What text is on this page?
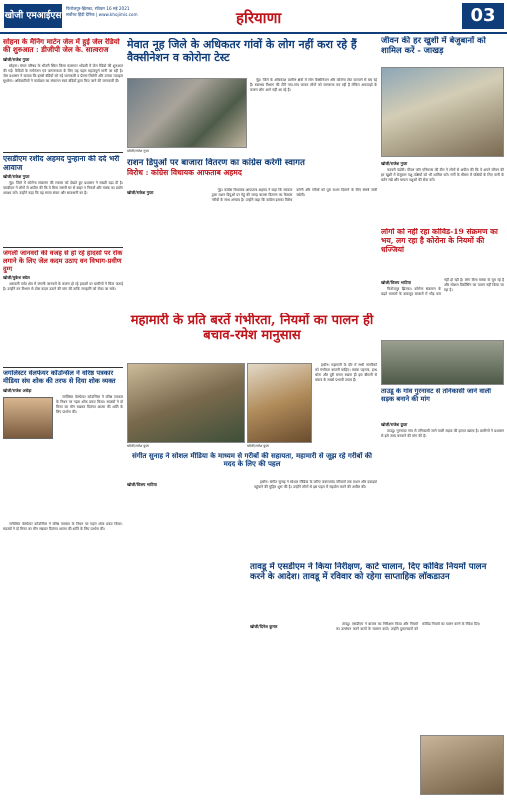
खोजी एमआईएस
फिरोजपुर-झिरका, रविवार 16 मई 2021
सर्वोच्च हिंदी दैनिक | www.khojimis.com	हरियाणा	03
सोहना के मैनिंग मार्टन जेल में हुई जेल रेडियो की शुरुआत : डीजीपी जेल के. सात्वराज
खोजी/राजेश गुप्ता

सोहना। मंगल परिषद के भीतरी स्थित जिला कारागार भोंडसी में जेल रेडियो की शुरुआत की गई। कैदियों के मनोरंजन एवं जागरूकता के लिए यह पहल महत्वपूर्ण मानी जा रही है। जेल प्रशासन ने बताया कि इससे बंदियों को नई जानकारी व प्रेरणा मिलेगी और उनका व्यवहार सुधरेगा। अधिकारियों ने कार्यक्रम का संचालन स्वयं बंदियों द्वारा किए जाने की जानकारी दी।

एसडीएम रशीद अहमद पुन्हाना की दर्द भरी आवाज
खोजी/राकेश गुप्ता

नूंह। जिले में कोरोना संक्रमण की रफ्तार को देखते हुए प्रशासन ने सख्ती बढ़ा दी है। एसडीएम ने लोगों से अपील की कि वे बिना जरूरी घर से बाहर न निकलें और मास्क का प्रयोग अवश्य करें। उन्होंने कहा कि यह समय संयम और सावधानी का है।

जंगली जानवरों की वजह से हो रहे हादसों पर रोक लगाने के लिए जेल कदम उठाए वन विभाग-प्रवीण दुग्ग
खोजी/मुकेश बघेल

अरावली पर्वत क्षेत्र में जंगली जानवरों के कारण हो रहे हादसों पर ग्रामीणों ने चिंता जताई है। उन्होंने वन विभाग से ठोस कदम उठाने की मांग की ताकि जनहानि को रोका जा सके।

जगलिस्टर वेलफेयर कॉउन्सिल ने वरिष्ठ पत्रकार मीडिया संघ शोक की तरफ से दिया शोक व्यक्त
खोजी/राजेश अरोड़ा

जर्नलिस्ट वेलफेयर कॉउन्सिल ने वरिष्ठ पत्रकार के निधन पर गहरा शोक प्रकट किया। सदस्यों ने दो मिनट का मौन रखकर दिवंगत आत्मा की शांति के लिए प्रार्थना की।

मेवात नूह जिले के अधिकतर गांवों के लोग नहीं करा रहे हैं वैक्सीनेशन व कोरोना टेस्ट
खोजी/राजेश गुप्ता

नूंह। जिले के अधिकांश ग्रामीण क्षेत्रों में लोग वैक्सीनेशन और कोरोना टेस्ट करवाने से बच रहे हैं। स्वास्थ्य विभाग की टीमें गांव-गांव जाकर लोगों को जागरूक कर रही हैं लेकिन अफवाहों के कारण लोग आगे नहीं आ रहे हैं।

जीवन की हर खुशी में बेजुबानों को शामिल करें - जाखड़
खोजी/राजेश गुप्ता

फरवरी पंडोरी। पीपल फॉर एनिमल्स की टीम ने लोगों से अपील की कि वे अपने जीवन की हर खुशी में बेजुबान पशु-पक्षियों को भी शामिल करें। गर्मी के मौसम में पक्षियों के लिए पानी के बर्तन रखें और घायल पशुओं की सेवा करें।

राशन डिपुओं पर बाजारा वितरण का कांग्रेस करेगी स्वागत
विरोध : कांग्रेस विधायक आफताब अहमद
खोजी/राकेश गुप्ता	नूंह। कांग्रेस विधायक आफताब अहमद ने कहा कि सरकार द्वारा राशन डिपुओं पर गेहूं की जगह बाजरा वितरण का फैसला गरीबों के साथ अन्याय है। उन्होंने कहा कि कांग्रेस इसका विरोध करेगी और गरीबों को पूरा राशन दिलाने के लिए संघर्ष जारी रखेगी।

लोगों को नहीं रहा कोविड-19 संक्रमण का भय, लग रहा है कोरोना के नियमों की धज्जियां
खोजी/विजय भाटिया

फिरोजपुर झिरका। कोरोना संक्रमण के बढ़ते मामलों के बावजूद बाजारों में भीड़ कम नहीं हो रही है। लोग बिना मास्क के घूम रहे हैं और सोशल डिस्टेंसिंग का पालन नहीं किया जा रहा है।

महामारी के प्रति बरतें गंभीरता, नियमों का पालन ही बचाव-रमेश मानुसास
खोजी/राजेश ग्रुप्ता	खोजी/राजेश ग्रुप्ता

हथीन। महामारी के दौर में सभी नागरिकों को गंभीरता बरतनी चाहिए। मास्क पहनना, हाथ धोना और दूरी बनाए रखना ही इस बीमारी से बचाव के सबसे प्रभावी उपाय हैं।

ताउडू के गांव गुरनावट से तनिकासी जाने वाली सड़क बनाने की मांग
खोजी/राजेश ग्रुप्ता

ताउडू। गुरनावट गांव से तनिकासी जाने वाली सड़क की हालत खस्ता है। ग्रामीणों ने प्रशासन से इसे जल्द बनवाने की मांग की है।

संगीत सुनाह ने सोशल मीडिया के माध्यम से गरीबों की सहायता, महामारी से जूझ रहे गरीबों की मदद के लिए की पहल
खोजी/विजय भाटिया	हथीन। संगीत सुनाह ने सोशल मीडिया के जरिए जरूरतमंद परिवारों तक राशन और दवाइयां पहुंचाने की मुहिम शुरू की है। उन्होंने लोगों से इस पहल में सहयोग करने की अपील की।

तावडू में एसडीएम ने किया निरीक्षण, काटे चालान, दिए कोविड नियमों पालन करने के आदेश। तावडू में रविवार को रहेगा साप्ताहिक लॉकडाउन
खोजी/दिनेश कुमार	तावडू। एसडीएम ने बाजार का निरीक्षण किया और नियमों का उल्लंघन करने वालों के चालान काटे। उन्होंने दुकानदारों को कोविड नियमों का पालन करने के निर्देश दिए।

जर्नलिस्ट वेलफेयर कॉउन्सिल ने वरिष्ठ पत्रकार के निधन पर गहरा शोक प्रकट किया। सदस्यों ने दो मिनट का मौन रखकर दिवंगत आत्मा की शांति के लिए प्रार्थना की।
